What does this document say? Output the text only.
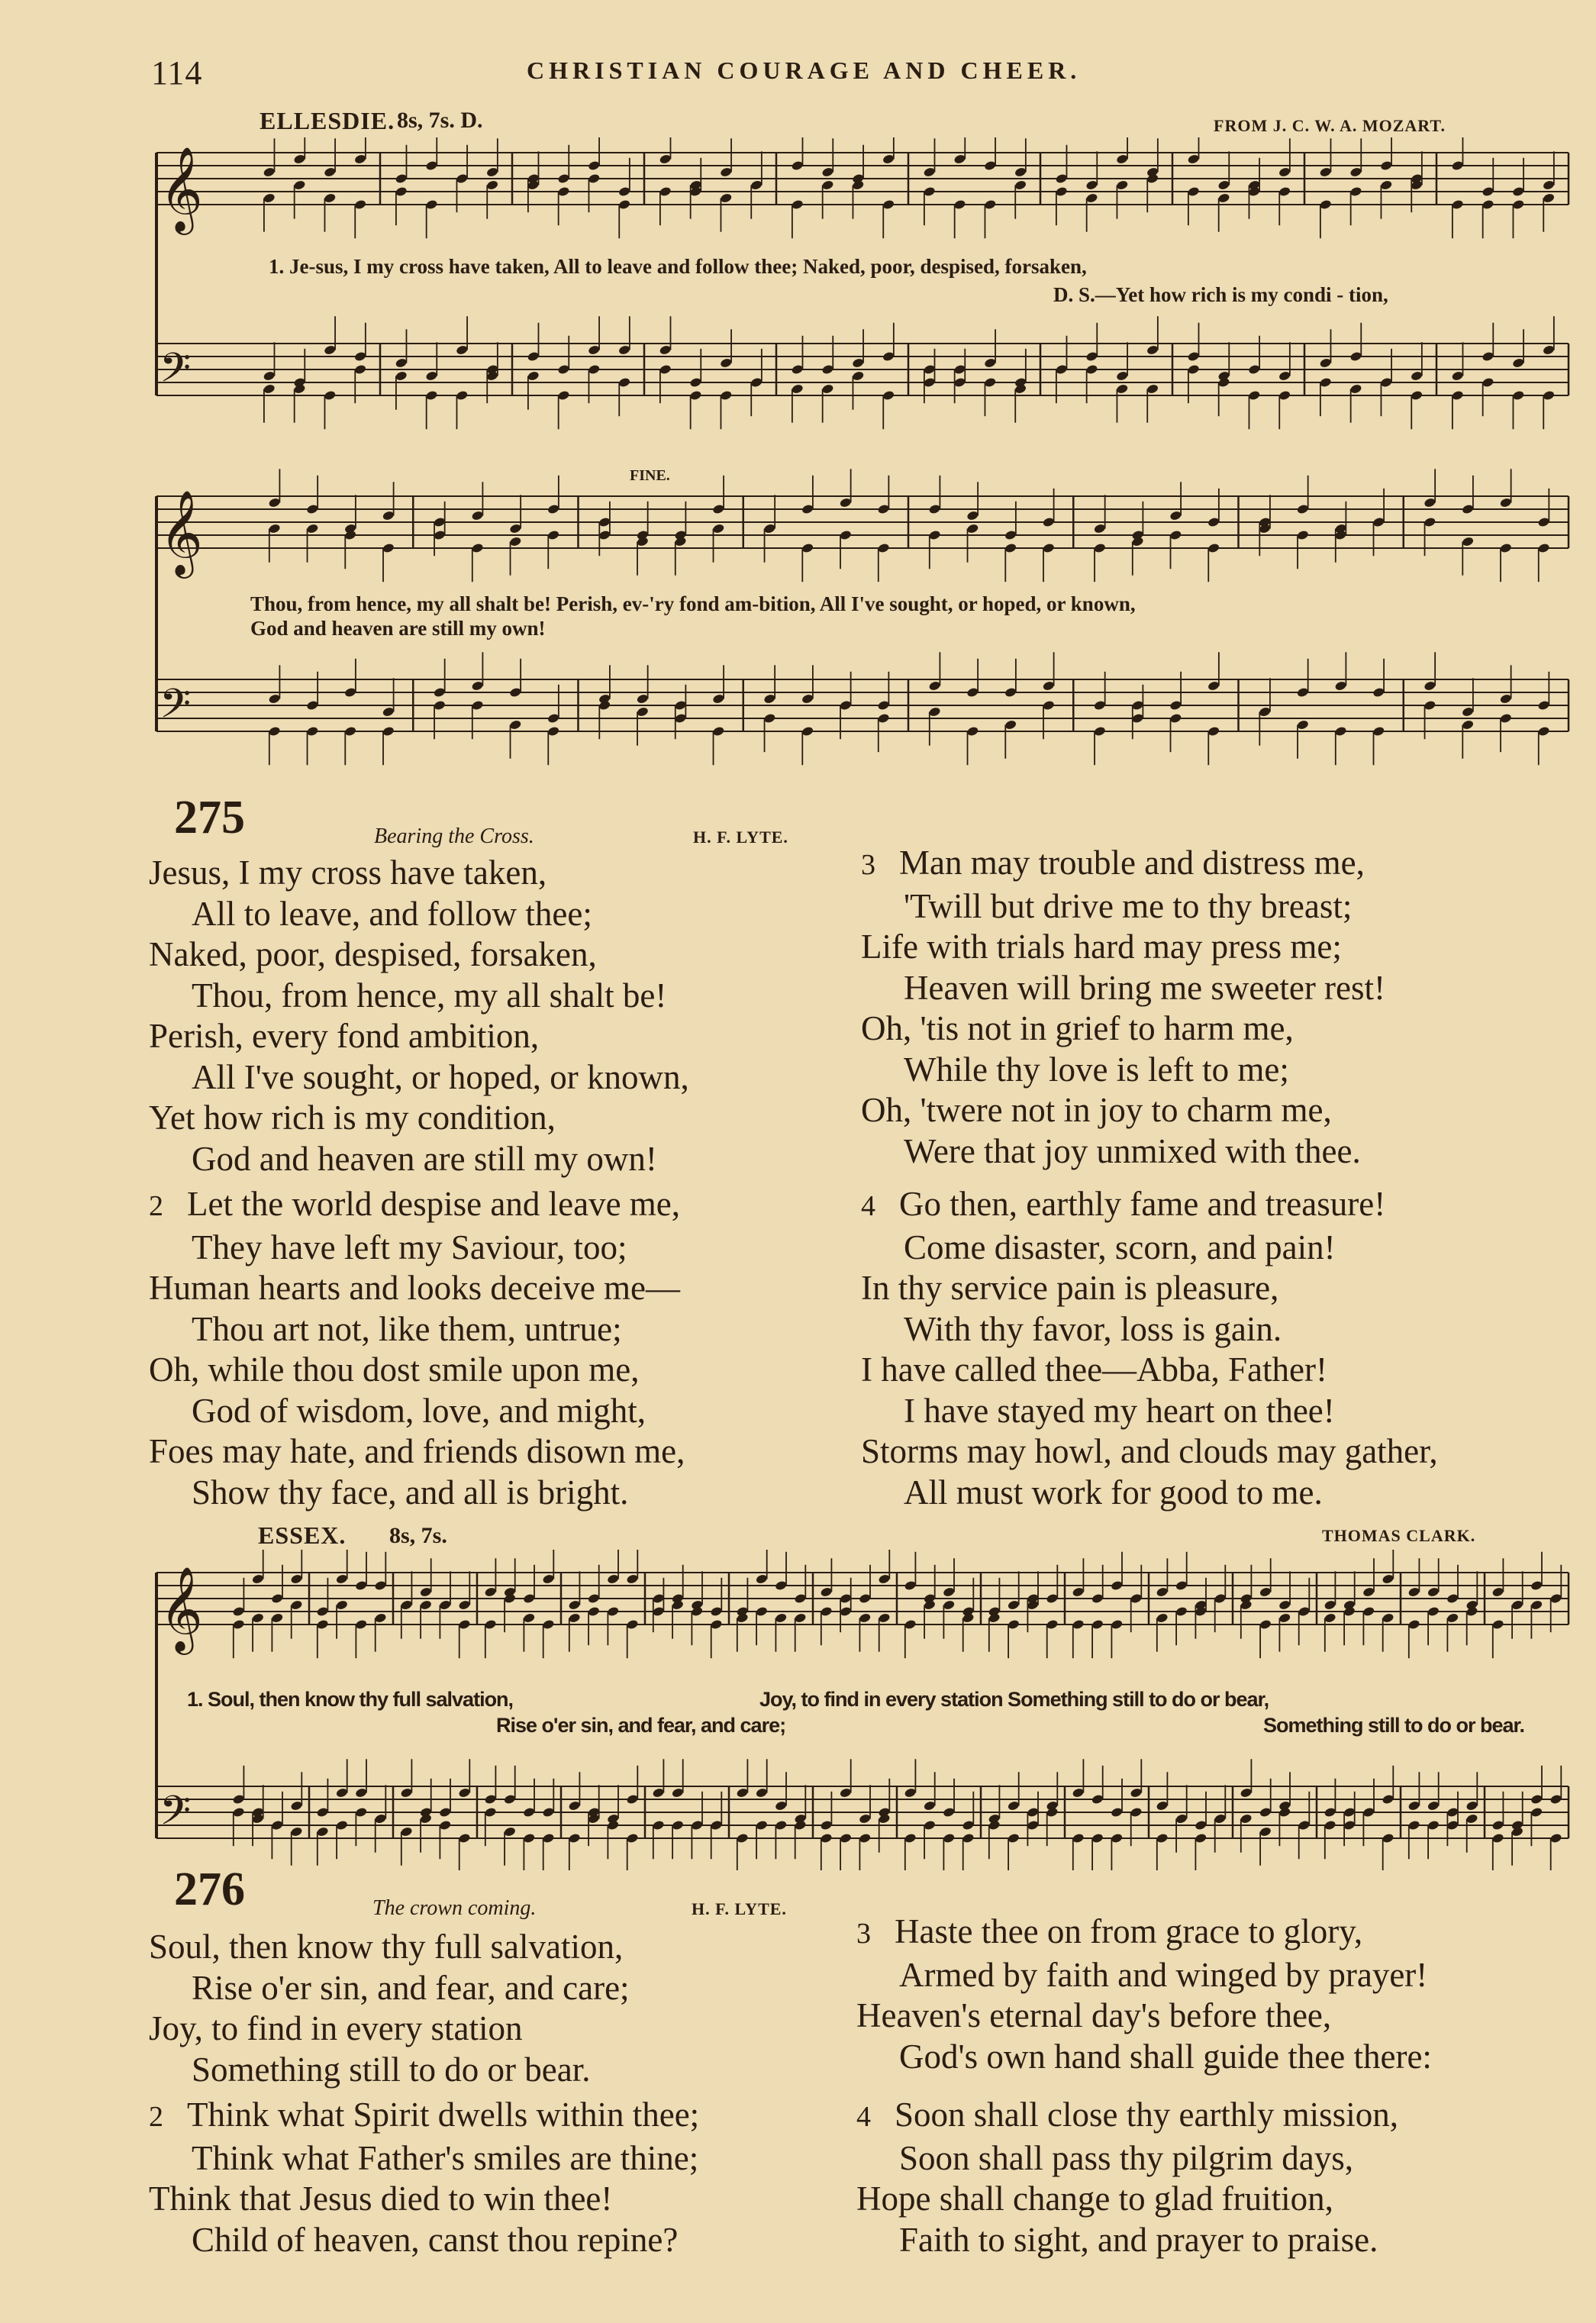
114	CHRISTIAN COURAGE AND CHEER.
ELLESDIE. 8s, 7s. D.	FROM J. C. W. A. MOZART.
𝄞
𝄢
𝄞
𝄢
1. Je-sus, I my cross have taken, All to leave and follow thee; Naked, poor, despised, forsaken,
D. S.—Yet how rich is my condi - tion,
FINE.
Thou, from hence, my all shalt be! Perish, ev-'ry fond am-bition, All I've sought, or hoped, or known,
God and heaven are still my own!
275	Bearing the Cross.	H. F. LYTE.
Jesus, I my cross have taken,
All to leave, and follow thee;
Naked, poor, despised, forsaken,
Thou, from hence, my all shalt be!
Perish, every fond ambition,
All I've sought, or hoped, or known,
Yet how rich is my condition,
God and heaven are still my own!
2 Let the world despise and leave me,
They have left my Saviour, too;
Human hearts and looks deceive me—
Thou art not, like them, untrue;
Oh, while thou dost smile upon me,
God of wisdom, love, and might,
Foes may hate, and friends disown me,
Show thy face, and all is bright.
3 Man may trouble and distress me,
'Twill but drive me to thy breast;
Life with trials hard may press me;
Heaven will bring me sweeter rest!
Oh, 'tis not in grief to harm me,
While thy love is left to me;
Oh, 'twere not in joy to charm me,
Were that joy unmixed with thee.
4 Go then, earthly fame and treasure!
Come disaster, scorn, and pain!
In thy service pain is pleasure,
With thy favor, loss is gain.
I have called thee—Abba, Father!
I have stayed my heart on thee!
Storms may howl, and clouds may gather,
All must work for good to me.
ESSEX. 8s, 7s.	THOMAS CLARK.
𝄞
𝄢
1. Soul, then know thy full salvation,	Joy, to find in every station Something still to do or bear,
Rise o'er sin, and fear, and care;	Something still to do or bear.
276	The crown coming.	H. F. LYTE.
Soul, then know thy full salvation,
Rise o'er sin, and fear, and care;
Joy, to find in every station
Something still to do or bear.
2 Think what Spirit dwells within thee;
Think what Father's smiles are thine;
Think that Jesus died to win thee!
Child of heaven, canst thou repine?
3 Haste thee on from grace to glory,
Armed by faith and winged by prayer!
Heaven's eternal day's before thee,
God's own hand shall guide thee there:
4 Soon shall close thy earthly mission,
Soon shall pass thy pilgrim days,
Hope shall change to glad fruition,
Faith to sight, and prayer to praise.
